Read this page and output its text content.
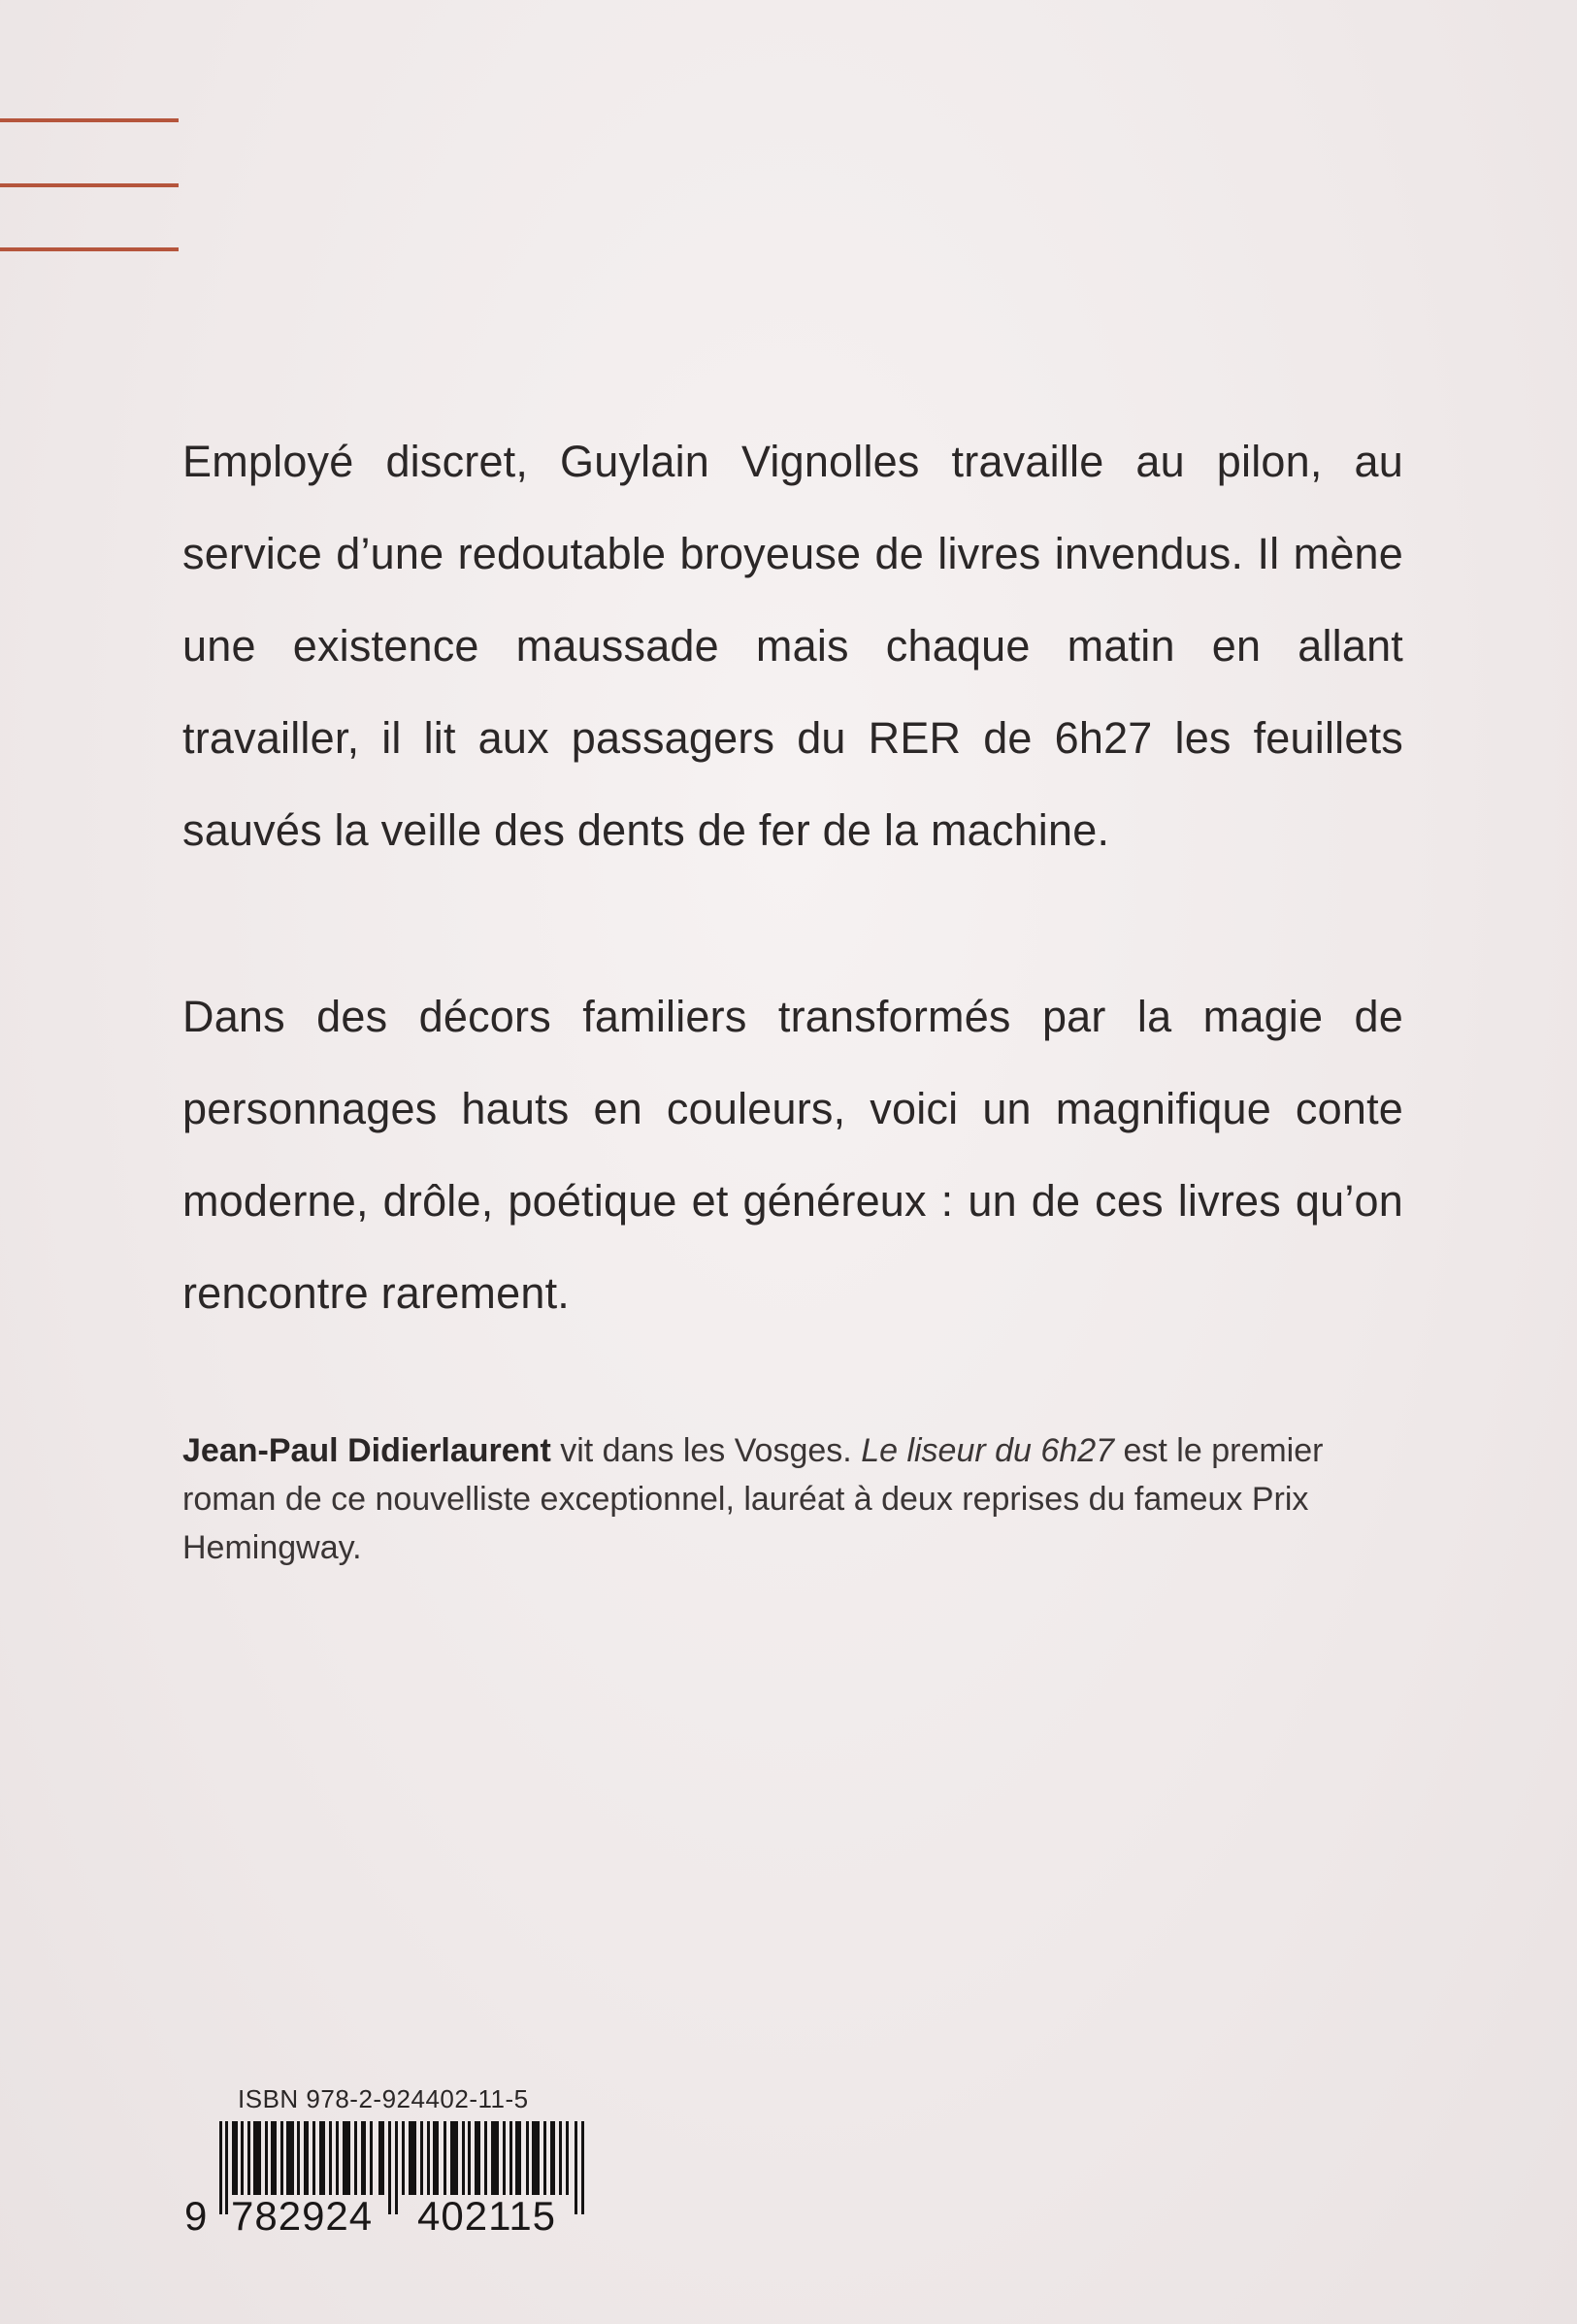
Employé discret, Guylain Vignolles travaille au pilon, au service d’une redoutable broyeuse de livres invendus. Il mène une existence maussade mais chaque matin en allant travailler, il lit aux passagers du RER de 6h27 les feuillets sauvés la veille des dents de fer de la machine.

Dans des décors familiers transformés par la magie de personnages hauts en couleurs, voici un magnifique conte moderne, drôle, poétique et généreux : un de ces livres qu’on rencontre rarement.

Jean-Paul Didierlaurent vit dans les Vosges. Le liseur du 6h27 est le premier roman de ce nouvelliste exceptionnel, lauréat à deux reprises du fameux Prix Hemingway.

ISBN 978-2-924402-11-5
9 782924 402115
